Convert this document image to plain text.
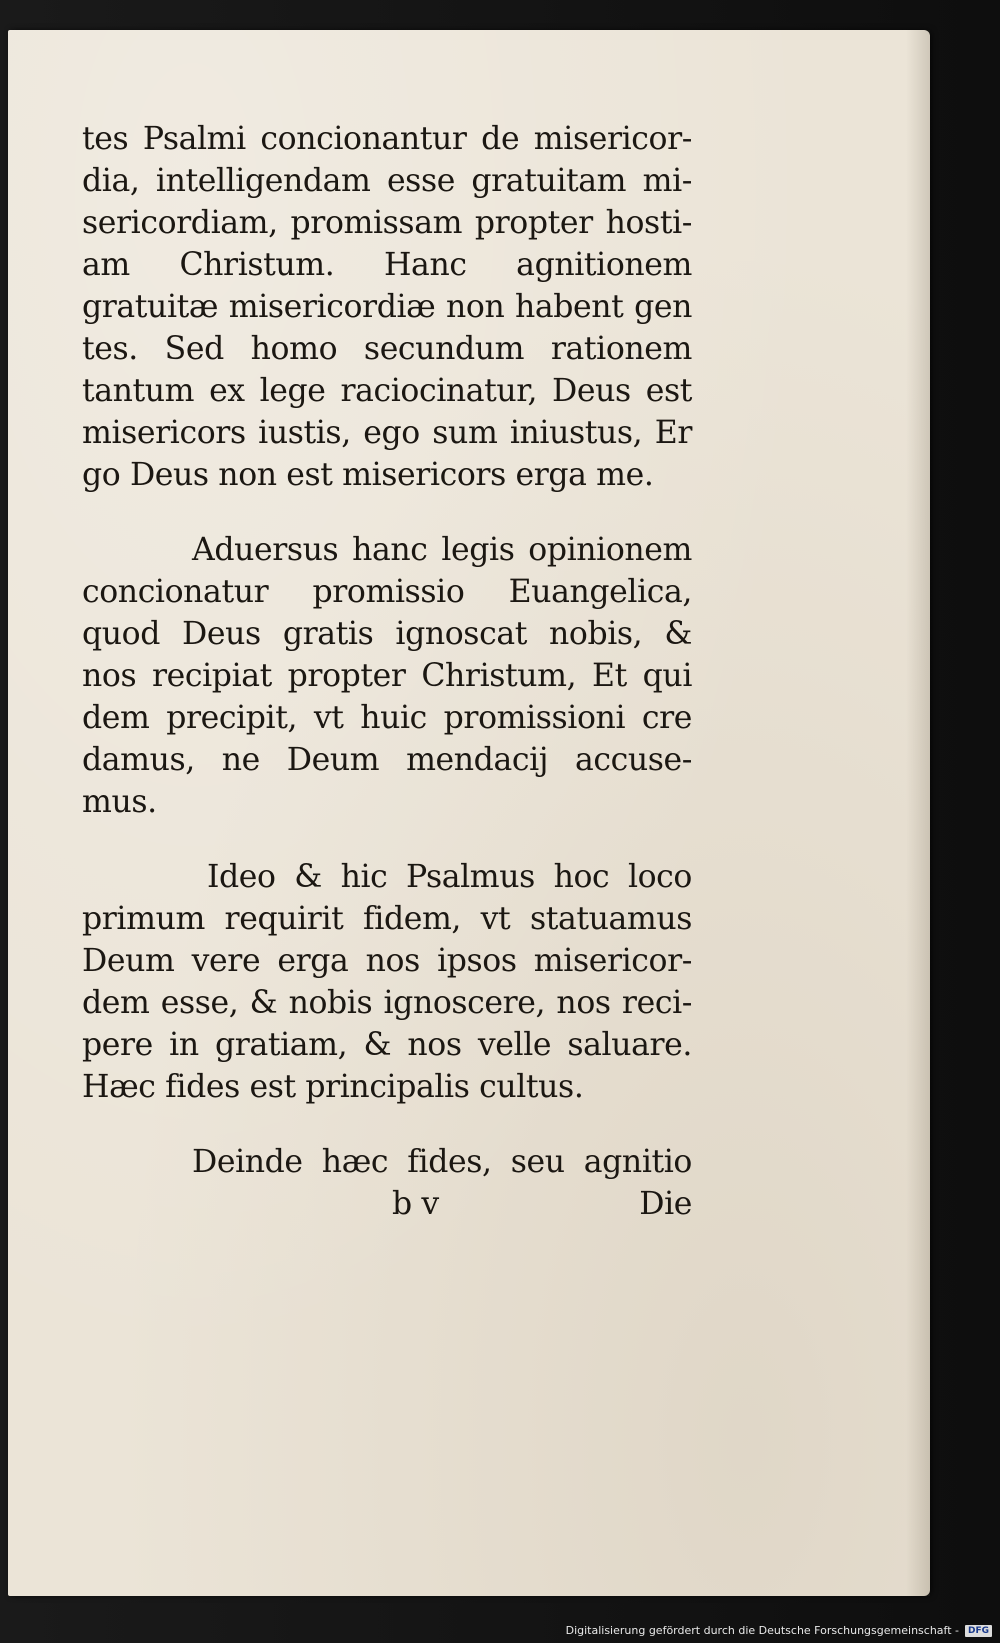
tes Psalmi concionantur de misericor-
dia, intelligendam esse gratuitam mi-
sericordiam, promissam propter hosti-
am Christum. Hanc agnitionem
gratuitæ misericordiæ non habent gen
tes. Sed homo secundum rationem
tantum ex lege raciocinatur, Deus est
misericors iustis, ego sum iniustus, Er
go Deus non est misericors erga me.
Aduersus hanc legis opinionem
concionatur promissio Euangelica,
quod Deus gratis ignoscat nobis, &
nos recipiat propter Christum, Et qui
dem precipit, vt huic promissioni cre
damus, ne Deum mendacij accuse-
mus.
Ideo & hic Psalmus hoc loco
primum requirit fidem, vt statuamus
Deum vere erga nos ipsos misericor-
dem esse, & nobis ignoscere, nos reci-
pere in gratiam, & nos velle saluare.
Hæc fides est principalis cultus.
Deinde hæc fides, seu agnitio
b v	Die
Digitalisierung gefördert durch die Deutsche Forschungsgemeinschaft -	DFG
